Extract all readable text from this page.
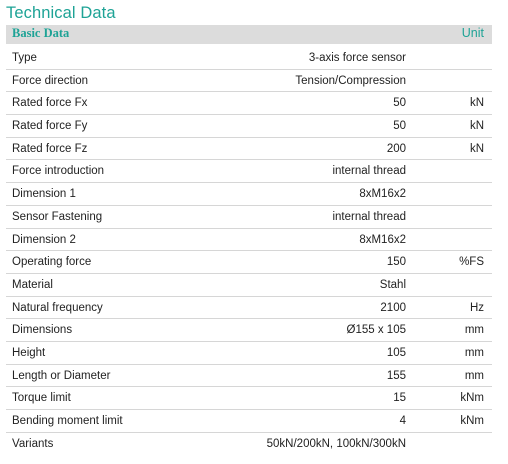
Technical Data
Basic Data	Unit
Type	3-axis force sensor
Force direction	Tension/Compression
Rated force Fx	50	kN
Rated force Fy	50	kN
Rated force Fz	200	kN
Force introduction	internal thread
Dimension 1	8xM16x2
Sensor Fastening	internal thread
Dimension 2	8xM16x2
Operating force	150	%FS
Material	Stahl
Natural frequency	2100	Hz
Dimensions	Ø155 x 105	mm
Height	105	mm
Length or Diameter	155	mm
Torque limit	15	kNm
Bending moment limit	4	kNm
Variants	50kN/200kN, 100kN/300kN
